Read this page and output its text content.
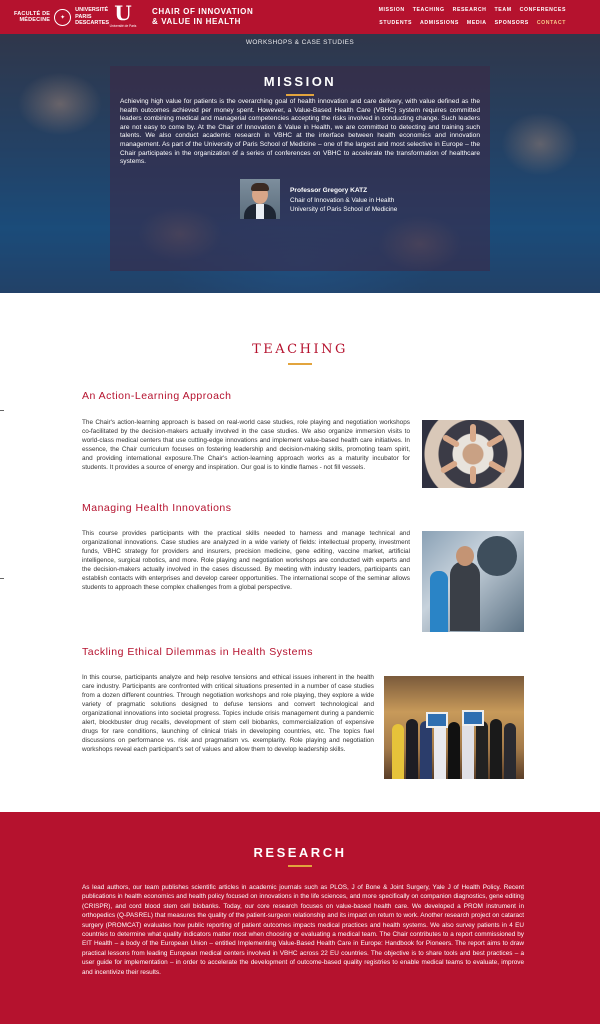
FACULTÉ DE
MÉDECINE	✦
UNIVERSITÉ
PARIS
DESCARTES U
Université de Paris
CHAIR OF INNOVATION
& VALUE IN HEALTH
MISSION TEACHING RESEARCH TEAM CONFERENCES
STUDENTS ADMISSIONS MEDIA SPONSORS CONTACT
WORKSHOPS & CASE STUDIES
MISSION
Achieving high value for patients is the overarching goal of health innovation and care delivery, with value defined as the health outcomes achieved per money spent. However, a Value-Based Health Care (VBHC) system requires committed leaders combining medical and managerial competencies accepting the risks involved in conducting change. Such leaders are not easy to come by. At the Chair of Innovation & Value in Health, we are committed to detecting and training such talents. We also conduct academic research in VBHC at the interface between health economics and innovation management. As part of the University of Paris School of Medicine – one of the largest and most selective in Europe – the Chair participates in the organization of a series of conferences on VBHC to accelerate the transformation of healthcare systems.
Professor Gregory KATZ
Chair of Innovation & Value in Health
University of Paris School of Medicine
TEACHING
An Action-Learning Approach
The Chair's action-learning approach is based on real-world case studies, role playing and negotiation workshops co-facilitated by the decision-makers actually involved in the case studies. We also organize immersion visits to world-class medical centers that use cutting-edge innovations and implement value-based health care initiatives. In essence, the Chair curriculum focuses on fostering leadership and decision-making skills, promoting team spirit, and providing international exposure.The Chair's action-learning approach works as a maturity incubator for students. It provides a source of energy and inspiration. Our goal is to kindle flames - not fill vessels.
Managing Health Innovations
This course provides participants with the practical skills needed to harness and manage technical and organizational innovations. Case studies are analyzed in a wide variety of fields: intellectual property, investment funds, VBHC strategy for providers and insurers, precision medicine, gene editing, vaccine market, artificial intelligence, surgical robotics, and more. Role playing and negotiation workshops are conducted with experts and the decision-makers actually involved in the cases discussed. By meeting with industry leaders, participants can establish contacts with enterprises and develop career opportunities. The international scope of the seminar allows students to approach these complex challenges from a global perspective.
Tackling Ethical Dilemmas in Health Systems
In this course, participants analyze and help resolve tensions and ethical issues inherent in the health care industry. Participants are confronted with critical situations presented in a number of case studies from a dozen different countries. Through negotiation workshops and role playing, they explore a wide variety of pragmatic solutions designed to defuse tensions and convert technological and organizational innovations into societal progress. Topics include crisis management during a pandemic alert, blockbuster drug recalls, development of stem cell biobanks, commercialization of expensive drugs for rare conditions, launching of clinical trials in developing countries, etc. The topics fuel discussions on performance vs. risk and pragmatism vs. exemplarity. Role playing and negotiation workshops reveal each participant's set of values and allow them to develop leadership skills.
RESEARCH
As lead authors, our team publishes scientific articles in academic journals such as PLOS, J of Bone & Joint Surgery, Yale J of Health Policy. Recent publications in health economics and health policy focused on innovations in the life sciences, and more specifically on companion diagnostics, gene editing (CRISPR), and cord blood stem cell biobanks. Today, our core research focuses on value-based health care. We developed a PROM instrument in orthopedics (Q-PASREL) that measures the quality of the patient-surgeon relationship and its impact on return to work. Another research project on cataract surgery (PROMCAT) evaluates how public reporting of patient outcomes impacts medical practices and health systems. We also survey patients in 4 EU countries to determine what quality indicators matter most when choosing or evaluating a medical team. The Chair contributes to a report commissioned by EIT Health – a body of the European Union – entitled Implementing Value-Based Health Care in Europe: Handbook for Pioneers. The report aims to draw practical lessons from leading European medical centers involved in VBHC across 22 EU countries. The objective is to share tools and best practices – a user guide for implementation – in order to accelerate the development of outcome-based quality registries to enable medical teams to evaluate, improve and incentivize their results.
